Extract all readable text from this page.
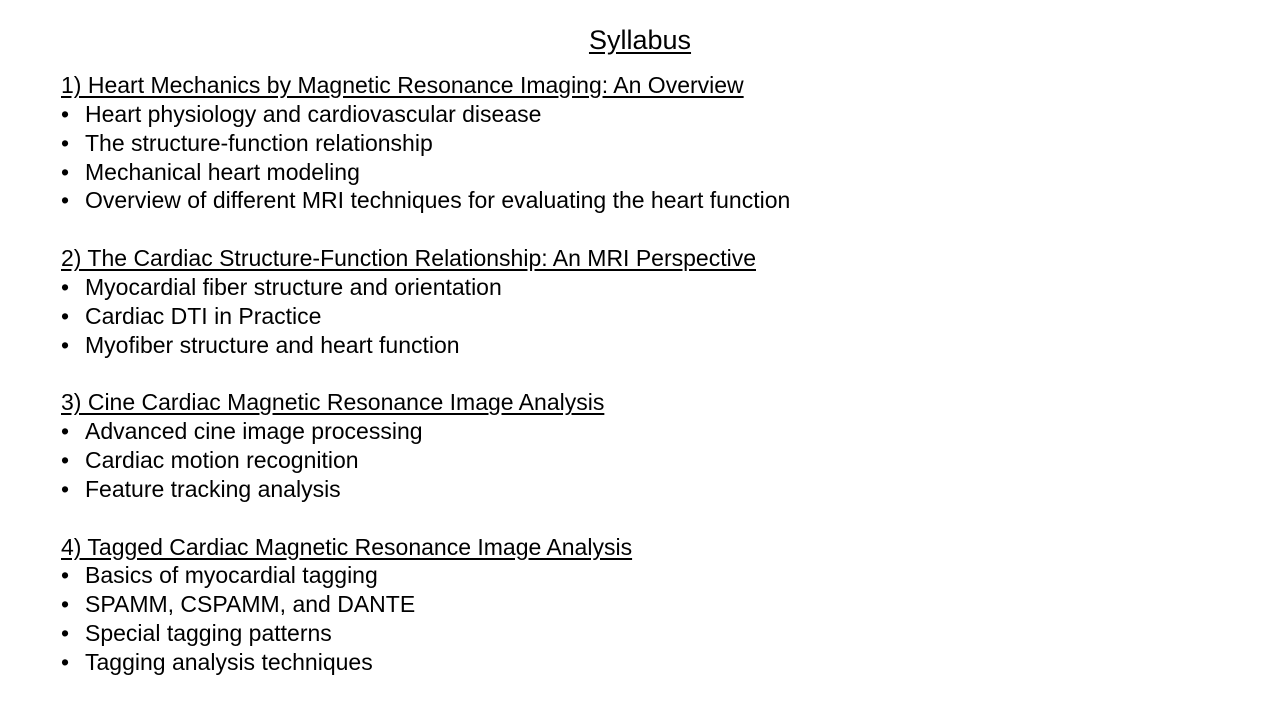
Syllabus
1) Heart Mechanics by Magnetic Resonance Imaging: An Overview
• Heart physiology and cardiovascular disease
• The structure-function relationship
• Mechanical heart modeling
• Overview of different MRI techniques for evaluating the heart function
2) The Cardiac Structure-Function Relationship: An MRI Perspective
• Myocardial fiber structure and orientation
• Cardiac DTI in Practice
• Myofiber structure and heart function
3) Cine Cardiac Magnetic Resonance Image Analysis
• Advanced cine image processing
• Cardiac motion recognition
• Feature tracking analysis
4) Tagged Cardiac Magnetic Resonance Image Analysis
• Basics of myocardial tagging
• SPAMM, CSPAMM, and DANTE
• Special tagging patterns
• Tagging analysis techniques
